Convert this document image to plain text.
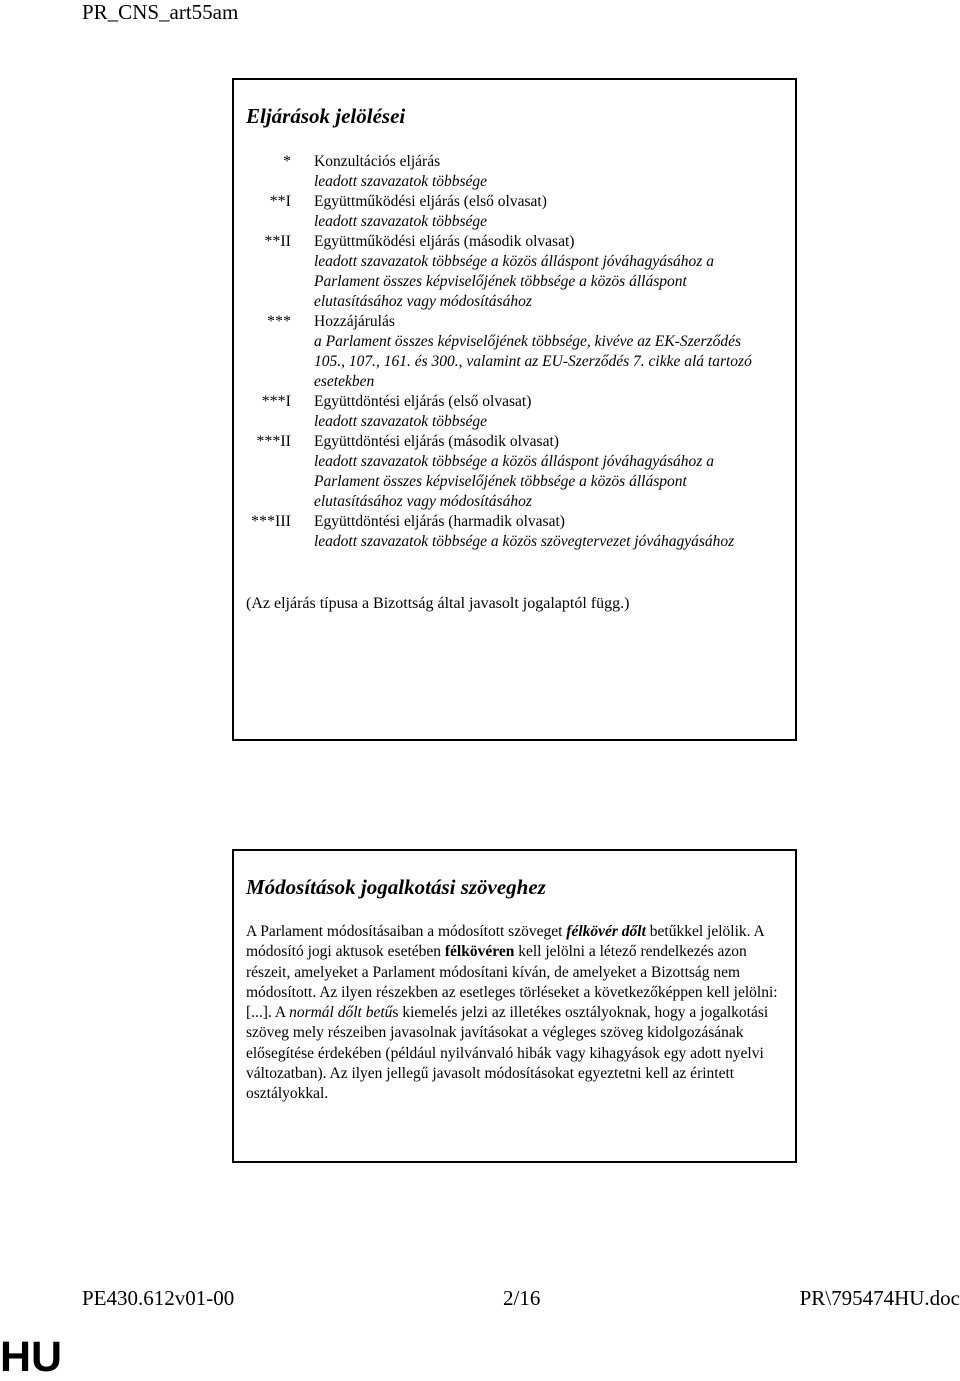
PR_CNS_art55am
Eljárások jelölései
* Konzultációs eljárás
leadott szavazatok többsége
**I Együttműködési eljárás (első olvasat)
leadott szavazatok többsége
**II Együttműködési eljárás (második olvasat)
leadott szavazatok többsége a közös álláspont jóváhagyásához a Parlament összes képviselőjének többsége a közös álláspont elutasításához vagy módosításához
*** Hozzájárulás
a Parlament összes képviselőjének többsége, kivéve az EK-Szerződés 105., 107., 161. és 300., valamint az EU-Szerződés 7. cikke alá tartozó esetekben
***I Együttdöntési eljárás (első olvasat)
leadott szavazatok többsége
***II Együttdöntési eljárás (második olvasat)
leadott szavazatok többsége a közös álláspont jóváhagyásához a Parlament összes képviselőjének többsége a közös álláspont elutasításához vagy módosításához
***III Együttdöntési eljárás (harmadik olvasat)
leadott szavazatok többsége a közös szövegtervezet jóváhagyásához
(Az eljárás típusa a Bizottság által javasolt jogalaptól függ.)
Módosítások jogalkotási szöveghez

A Parlament módosításaiban a módosított szöveget félkövér dőlt betűkkel jelölik. A módosító jogi aktusok esetében félkövéren kell jelölni a létező rendelkezés azon részeit, amelyeket a Parlament módosítani kíván, de amelyeket a Bizottság nem módosított. Az ilyen részekben az esetleges törléseket a következőképpen kell jelölni: [...]. A normál dőlt betűs kiemelés jelzi az illetékes osztályoknak, hogy a jogalkotási szöveg mely részeiben javasolnak javításokat a végleges szöveg kidolgozásának elősegítése érdekében (például nyilvánvaló hibák vagy kihagyások egy adott nyelvi változatban). Az ilyen jellegű javasolt módosításokat egyeztetni kell az érintett osztályokkal.

PE430.612v01-00	2/16	PR\795474HU.doc
HU
